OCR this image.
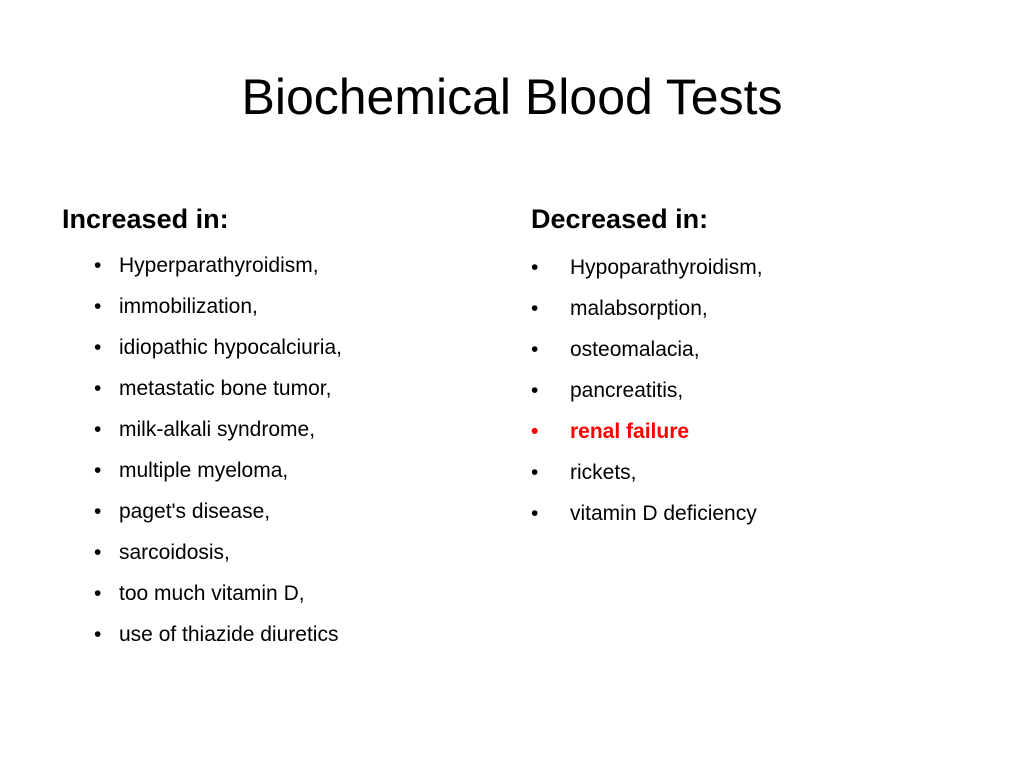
Biochemical Blood Tests
Increased in:
• Hyperparathyroidism,
• immobilization,
• idiopathic hypocalciuria,
• metastatic bone tumor,
• milk-alkali syndrome,
• multiple myeloma,
• paget's disease,
• sarcoidosis,
• too much vitamin D,
• use of thiazide diuretics
Decreased in:
•	Hypoparathyroidism,
•	malabsorption,
•	osteomalacia,
•	pancreatitis,
•	renal failure
•	rickets,
•	vitamin D deficiency
